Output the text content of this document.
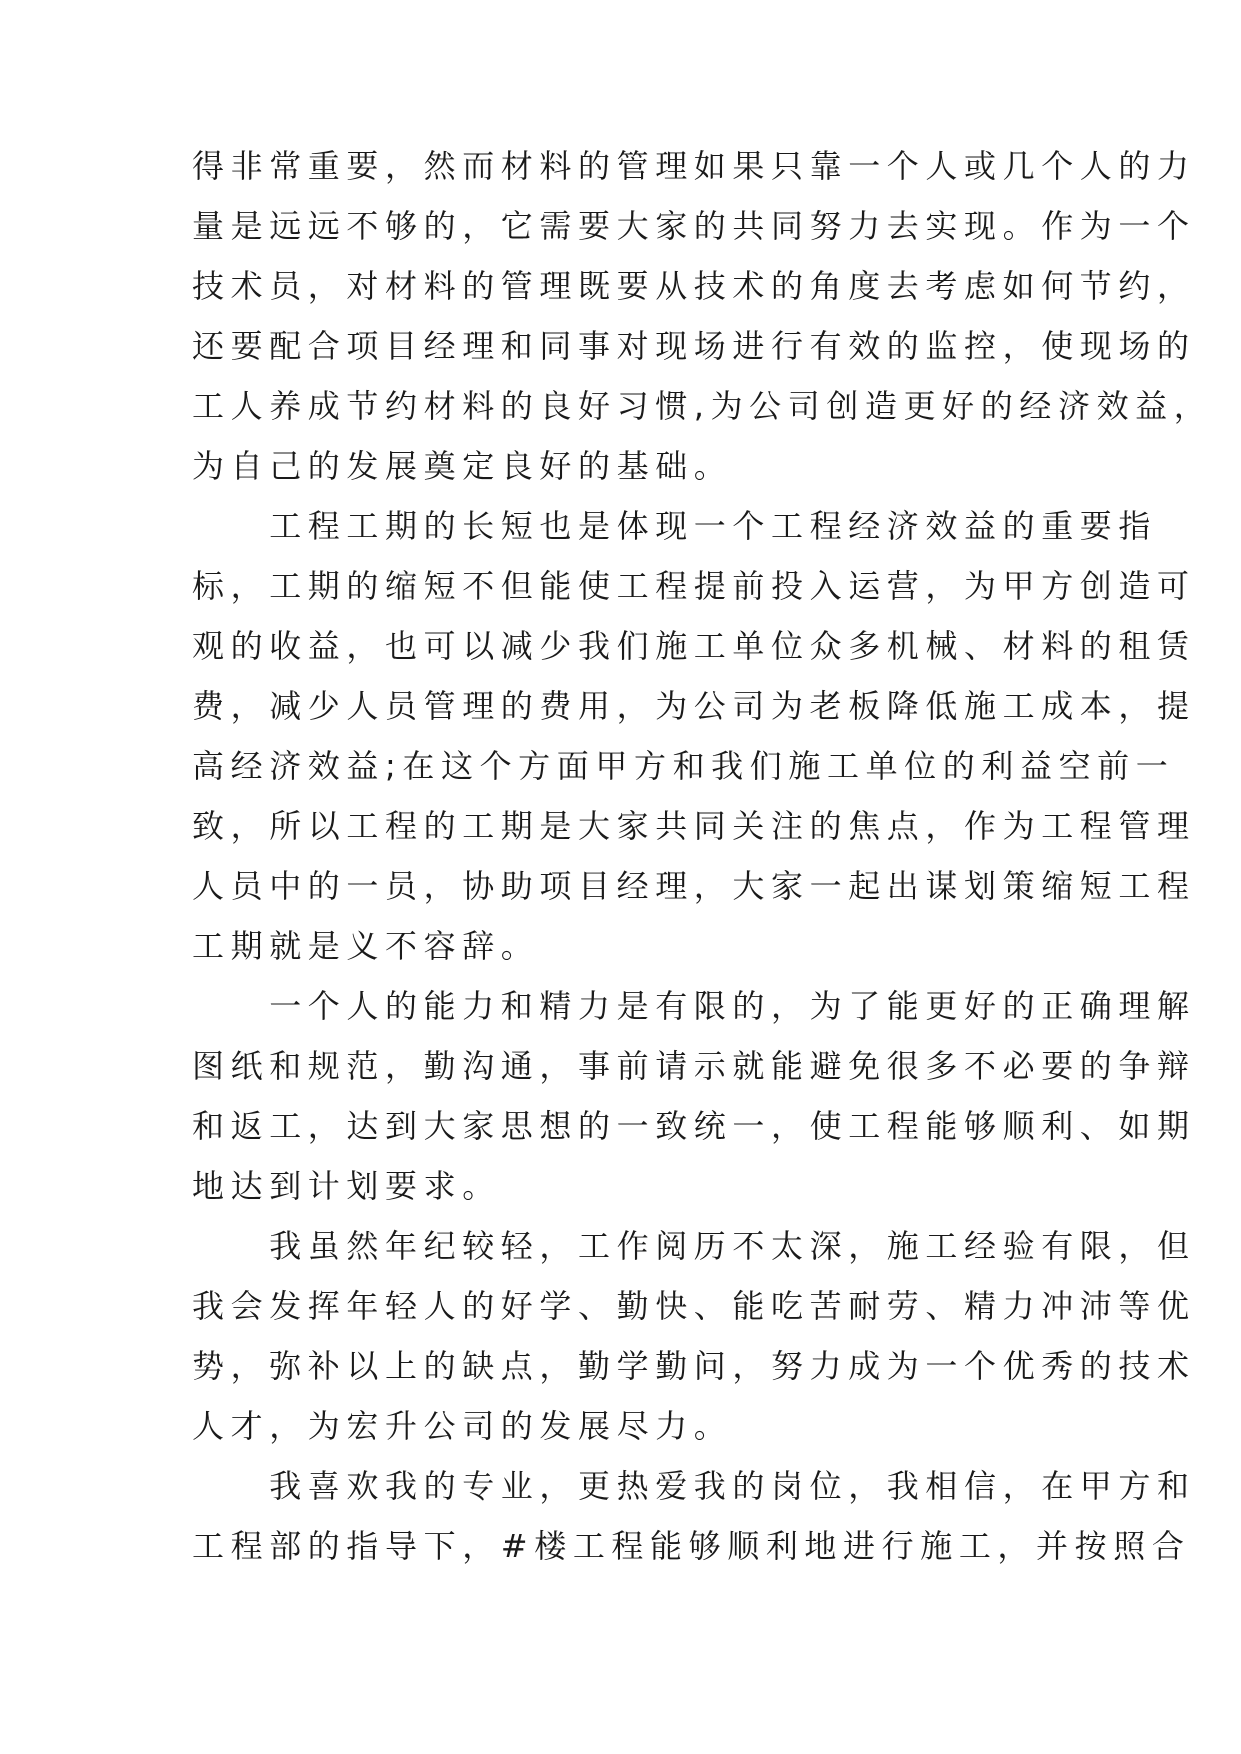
得非常重要，然而材料的管理如果只靠一个人或几个人的力
量是远远不够的，它需要大家的共同努力去实现。作为一个
技术员，对材料的管理既要从技术的角度去考虑如何节约，
还要配合项目经理和同事对现场进行有效的监控，使现场的
工人养成节约材料的良好习惯,为公司创造更好的经济效益，
为自己的发展奠定良好的基础。
　　工程工期的长短也是体现一个工程经济效益的重要指
标，工期的缩短不但能使工程提前投入运营，为甲方创造可
观的收益，也可以减少我们施工单位众多机械、材料的租赁
费，减少人员管理的费用，为公司为老板降低施工成本，提
高经济效益;在这个方面甲方和我们施工单位的利益空前一
致，所以工程的工期是大家共同关注的焦点，作为工程管理
人员中的一员，协助项目经理，大家一起出谋划策缩短工程
工期就是义不容辞。
　　一个人的能力和精力是有限的，为了能更好的正确理解
图纸和规范，勤沟通，事前请示就能避免很多不必要的争辩
和返工，达到大家思想的一致统一，使工程能够顺利、如期
地达到计划要求。
　　我虽然年纪较轻，工作阅历不太深，施工经验有限，但
我会发挥年轻人的好学、勤快、能吃苦耐劳、精力冲沛等优
势，弥补以上的缺点，勤学勤问，努力成为一个优秀的技术
人才，为宏升公司的发展尽力。
　　我喜欢我的专业，更热爱我的岗位，我相信，在甲方和
工程部的指导下，#楼工程能够顺利地进行施工，并按照合
